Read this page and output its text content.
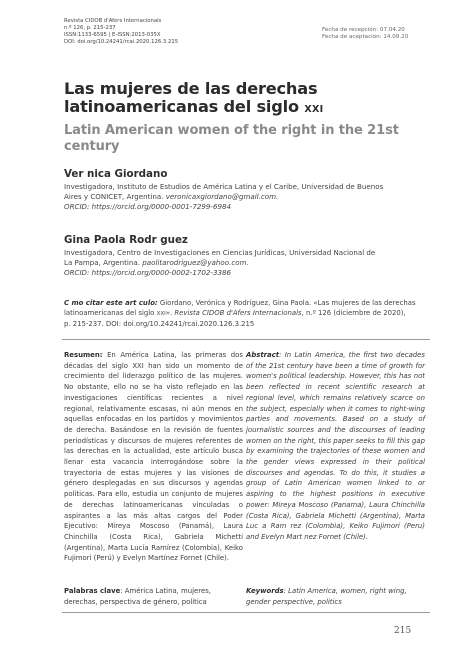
Revista CIDOB d'Afers Internacionals
n.º 126, p. 215-237
ISSN:1133-6595 | E-ISSN:2013-035X
DOI: doi.org/10.24241/rcai.2020.126.3.215
Fecha de recepción: 07.04.20
Fecha de aceptación: 14.09.20
Las mujeres de las derechas latinoamericanas del siglo XXI
Latin American women of the right in the 21st century
Ver nica Giordano
Investigadora, Instituto de Estudios de América Latina y el Caribe, Universidad de Buenos
Aires y CONICET, Argentina. veronicaxgiordano@gmail.com.
ORCID: https://orcid.org/0000-0001-7299-6984
Gina Paola Rodr guez
Investigadora, Centro de Investigaciones en Ciencias Jurídicas, Universidad Nacional de
La Pampa, Argentina. paolitarodriguez@yahoo.com.
ORCID: https://orcid.org/0000-0002-1702-3386
C mo citar este art culo: Giordano, Verónica y Rodríguez, Gina Paola. «Las mujeres de las derechas
latinoamericanas del siglo XXI». Revista CIDOB d'Afers Internacionals, n.º 126 (diciembre de 2020),
p. 215-237. DOI: doi.org/10.24241/rcai.2020.126.3.215
Resumen: En América Latina, las primeras dos décadas del siglo XXI han sido un momento de crecimiento del liderazgo político de las mujeres. No obstante, ello no se ha visto reflejado en las investigaciones científicas recientes a nivel regional, relativamente escasas, ni aún menos en aquellas enfocadas en los partidos y movimientos de derecha. Basándose en la revisión de fuentes periodísticas y discursos de mujeres referentes de las derechas en la actualidad, este artículo busca llenar esta vacancia interrogándose sobre la trayectoria de estas mujeres y las visiones de género desplegadas en sus discursos y agendas políticas. Para ello, estudia un conjunto de mujeres de derechas latinoamericanas vinculadas o aspirantes a las más altas cargos del Poder Ejecutivo: Mireya Moscoso (Panamá), Laura Chinchilla (Costa Rica), Gabriela Michetti (Argentina), Marta Lucía Ramírez (Colombia), Keiko Fujimori (Perú) y Evelyn Martínez Fornet (Chile).
Abstract: In Latin America, the first two decades of the 21st century have been a time of growth for women's political leadership. However, this has not been reflected in recent scientific research at regional level, which remains relatively scarce on the subject, especially when it comes to right-wing parties and movements. Based on a study of journalistic sources and the discourses of leading women on the right, this paper seeks to fill this gap by examining the trajectories of these women and the gender views expressed in their political discourses and agendas. To do this, it studies a group of Latin American women linked to or aspiring to the highest positions in executive power: Mireya Moscoso (Panama), Laura Chinchilla (Costa Rica), Gabriela Michetti (Argentina), Marta Luc a Ram rez (Colombia), Keiko Fujimori (Peru) and Evelyn Mart nez Fornet (Chile).
Palabras clave: América Latina, mujeres, derechas, perspectiva de género, política
Keywords: Latin America, women, right wing, gender perspective, politics
215
